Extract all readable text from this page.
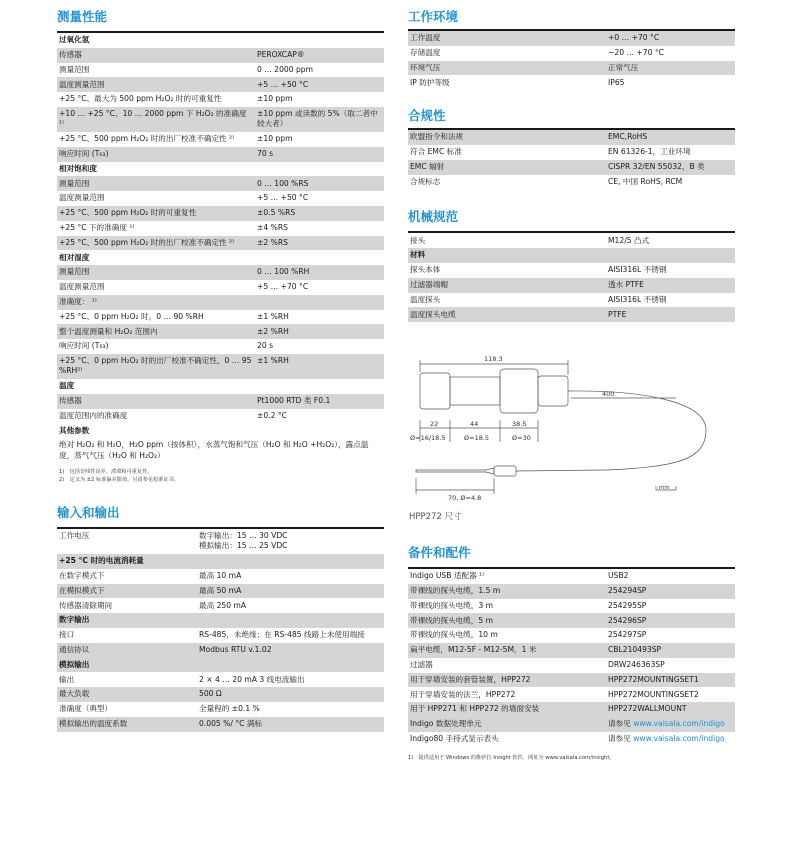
测量性能
过氧化氢	
传感器	PEROXCAP®
测量范围	0 … 2000 ppm
温度测量范围	+5 … +50 °C
+25 °C、最大为 500 ppm H₂O₂ 时的可重复性	±10 ppm
+10 … +25 °C、10 … 2000 ppm 下 H₂O₂ 的准确度 ¹⁾	±10 ppm 或读数的 5%（取二者中较大者）
+25 °C、500 ppm H₂O₂ 时的出厂校准不确定性 ²⁾	±10 ppm
响应时间 (T₆₃)	70 s
相对饱和度	
测量范围	0 … 100 %RS
温度测量范围	+5 … +50 °C
+25 °C、500 ppm H₂O₂ 时的可重复性	±0.5 %RS
+25 °C 下的准确度 ¹⁾	±4 %RS
+25 °C、500 ppm H₂O₂ 时的出厂校准不确定性 ²⁾	±2 %RS
相对湿度	
测量范围	0 … 100 %RH
温度测量范围	+5 … +70 °C
准确度： ¹⁾	
+25 °C、0 ppm H₂O₂ 时，0 … 90 %RH	±1 %RH
整个温度测量和 H₂O₂ 范围内	±2 %RH
响应时间 (T₆₃)	20 s
+25 °C、0 ppm H₂O₂ 时的出厂校准不确定性，0 … 95 %RH²⁾	±1 %RH
温度	
传感器	Pt1000 RTD 类 F0.1
温度范围内的准确度	±0.2 °C
其他参数	
绝对 H₂O₂ 和 H₂O，H₂O ppm（按体积），水蒸气饱和气压（H₂O 和 H₂O +H₂O₂），露点温度，蒸气气压（H₂O 和 H₂O₂）	
1)　包括非线性误差、滞滞和可重复性。
2)　定义为 ±2 标准偏差限值。另请参见校准证书。
输入和输出
工作电压	数字输出：15 … 30 VDC
模拟输出：15 … 25 VDC

+25 °C 时的电流消耗量	
在数字模式下	最高 10 mA
在模拟模式下	最高 50 mA
传感器清除期间	最高 250 mA
数字输出	
接口	RS-485，未绝缘；在 RS-485 线路上未使用端接
通信协议	Modbus RTU v.1.02
模拟输出	
输出	2 × 4 … 20 mA 3 线电流输出
最大负载	500 Ω
准确度（典型）	全量程的 ±0.1 %
模拟输出的温度系数	0.005 %/ °C 满标
工作环境
工作温度	+0 … +70 °C
存储温度	−20 … +70 °C
环境气压	正常气压
IP 防护等级	IP65
合规性
欧盟指令和法规	EMC,RoHS
符合 EMC 标准	EN 61326-1，工业环境
EMC 辐射	CISPR 32/EN 55032，B 类
合规标志	CE, 中国 RoHS, RCM
机械规范
接头	M12/5 凸式
材料	
探头本体	AISI316L 不锈钢
过滤器端帽	透水 PTFE
温度探头	AISI316L 不锈钢
温度探头电缆	PTFE
118.3
400
22	44	38.5
Ø=16/18.5	Ø=18.5	Ø=30
70, Ø=4.8
mm
HPP272 尺寸
备件和配件
Indigo USB 适配器 ¹⁾	USB2
带裸线的探头电缆，1.5 m	254294SP
带裸线的探头电缆，3 m	254295SP
带裸线的探头电缆，5 m	254296SP
带裸线的探头电缆，10 m	254297SP
扁平电缆，M12-5F - M12-5M，1 米	CBL210493SP
过滤器	DRW246363SP
用于穿墙安装的套管装置，HPP272	HPP272MOUNTINGSET1
用于穿墙安装的法兰，HPP272	HPP272MOUNTINGSET2
用于 HPP271 和 HPP272 的墙面安装	HPP272WALLMOUNT
Indigo 数据处理单元	请参见 www.vaisala.com/indigo
Indigo80 手持式显示表头	请参见 www.vaisala.com/indigo
1)　提供适用于 Windows 的维萨拉 Insight 软件，网址为 www.vaisala.com/insight。
